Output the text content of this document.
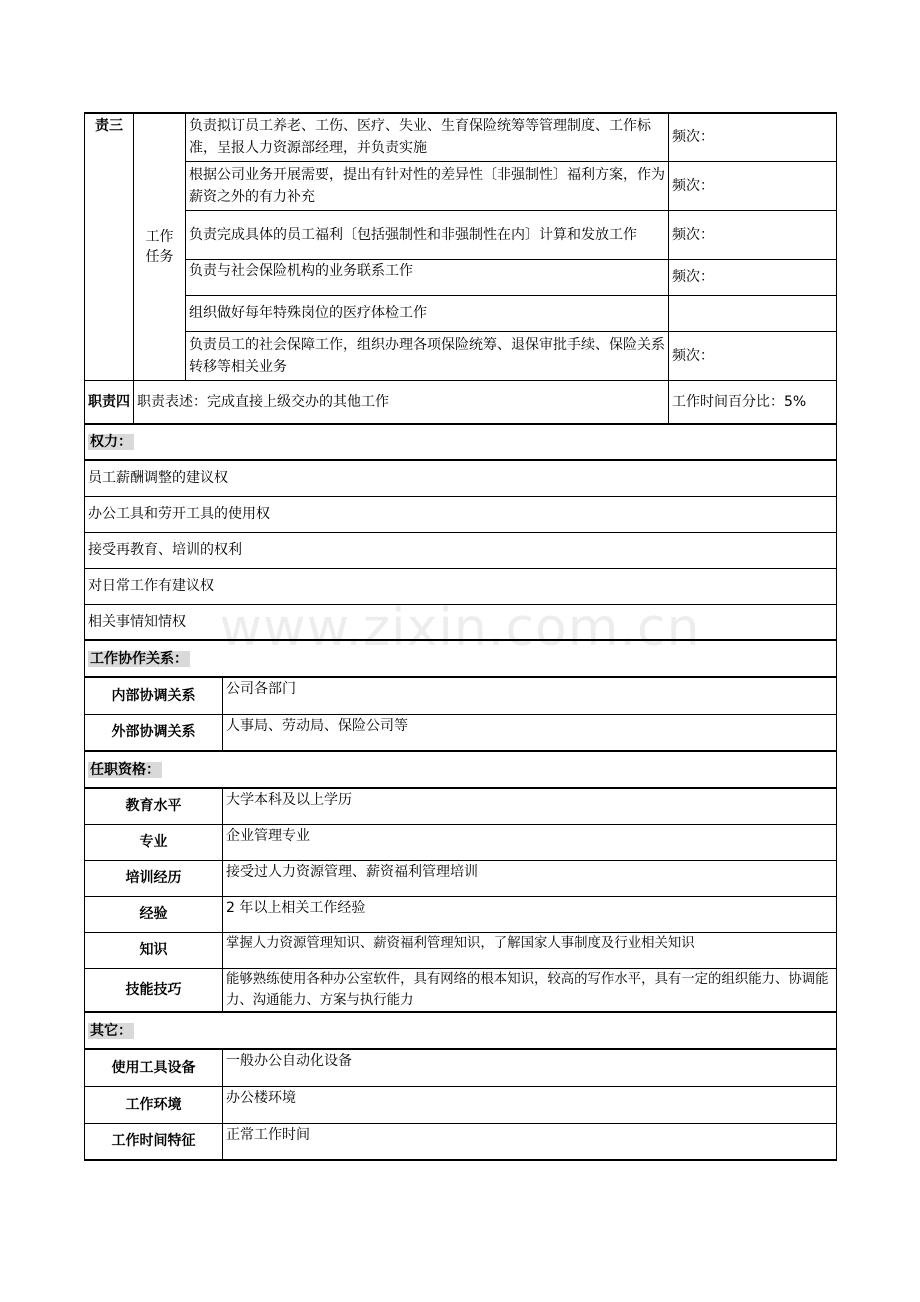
责三	工作任务	负责拟订员工养老、工伤、医疗、失业、生育保险统筹等管理制度、工作标准，呈报人力资源部经理，并负责实施		频次：
		根据公司业务开展需要，提出有针对性的差异性〔非强制性〕福利方案，作为薪资之外的有力补充		频次：
		负责完成具体的员工福利〔包括强制性和非强制性在内〕计算和发放工作		频次：
		负责与社会保险机构的业务联系工作		频次：
		组织做好每年特殊岗位的医疗体检工作		
		负责员工的社会保障工作，组织办理各项保险统筹、退保审批手续、保险关系转移等相关业务		频次：
职责四	职责表述：完成直接上级交办的其他工作			工作时间百分比：5%
权力：				
员工薪酬调整的建议权				
办公工具和劳开工具的使用权				
接受再教育、培训的权利				
对日常工作有建议权				
相关事情知情权				
工作协作关系：				
内部协调关系			公司各部门	
外部协调关系			人事局、劳动局、保险公司等	
任职资格：				
教育水平			大学本科及以上学历	
专业			企业管理专业	
培训经历			接受过人力资源管理、薪资福利管理培训	
经验			2 年以上相关工作经验	
知识			掌握人力资源管理知识、薪资福利管理知识，了解国家人事制度及行业相关知识	
技能技巧			能够熟练使用各种办公室软件，具有网络的根本知识，较高的写作水平，具有一定的组织能力、协调能力、沟通能力、方案与执行能力	
其它：				
使用工具设备			一般办公自动化设备	
工作环境			办公楼环境	
工作时间特征			正常工作时间	
www.zixin.com.cn
